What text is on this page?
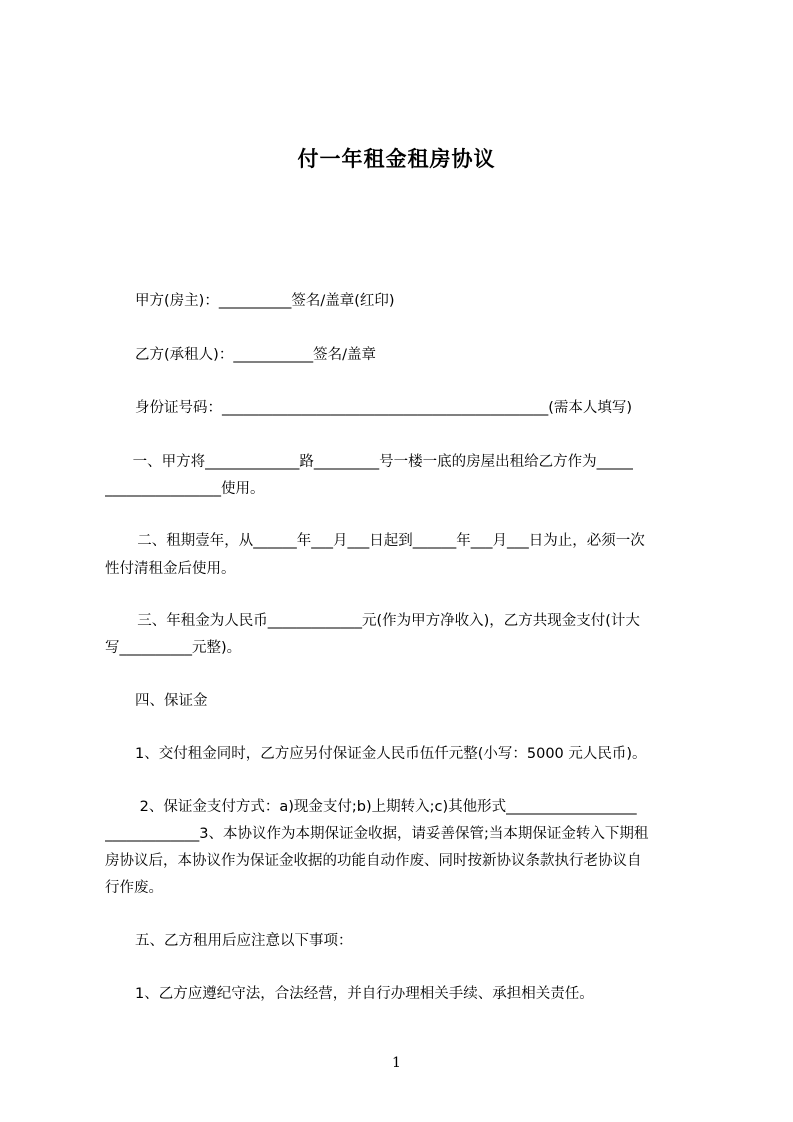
付一年租金租房协议
甲方(房主)：__________签名/盖章(红印)
乙方(承租人)：___________签名/盖章
身份证号码：_____________________________________________(需本人填写)
一、甲方将_____________路_________号一楼一底的房屋出租给乙方作为_____
________________使用。
二、租期壹年，从______年___月___日起到______年___月___日为止，必须一次
性付清租金后使用。
三、年租金为人民币_____________元(作为甲方净收入)，乙方共现金支付(计大
写__________元整)。
四、保证金
1、交付租金同时，乙方应另付保证金人民币伍仟元整(小写：5000 元人民币)。
2、保证金支付方式：a)现金支付;b)上期转入;c)其他形式__________________
_____________3、本协议作为本期保证金收据，请妥善保管;当本期保证金转入下期租
房协议后，本协议作为保证金收据的功能自动作废、同时按新协议条款执行老协议自
行作废。
五、乙方租用后应注意以下事项：
1、乙方应遵纪守法，合法经营，并自行办理相关手续、承担相关责任。
1
